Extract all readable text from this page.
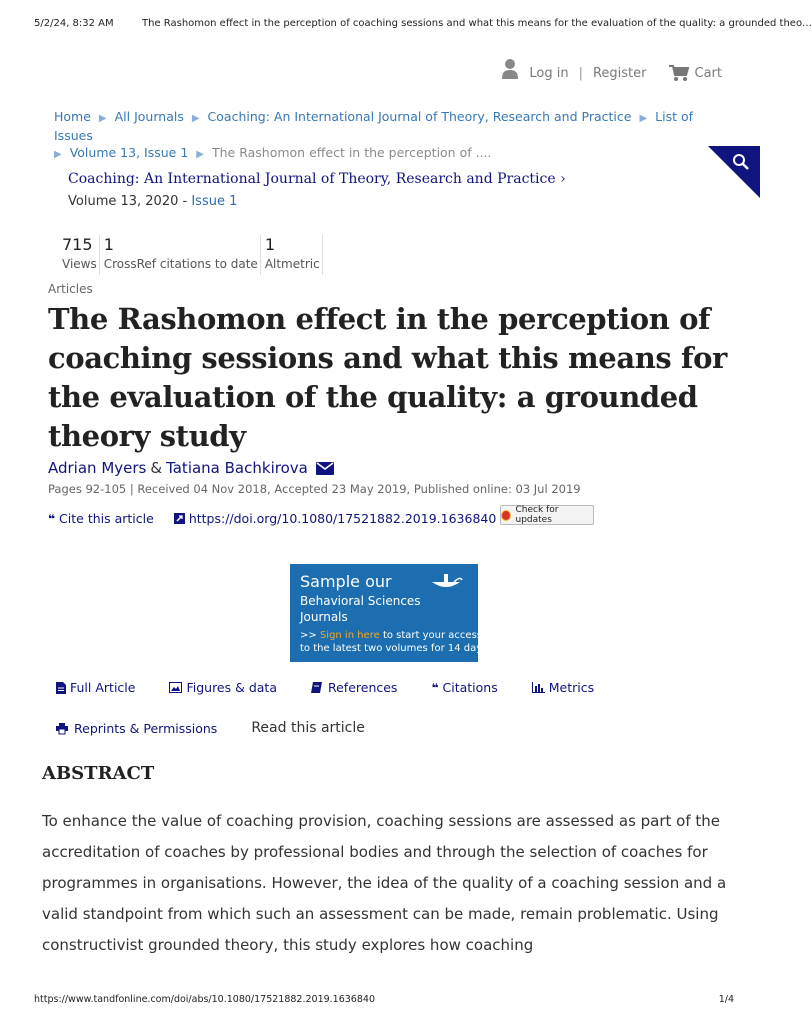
5/2/24, 8:32 AM	The Rashomon effect in the perception of coaching sessions and what this means for the evaluation of the quality: a grounded theo…
Log in | Register	Cart
Home ▶ All Journals ▶ Coaching: An International Journal of Theory, Research and Practice ▶ List of Issues
▶ Volume 13, Issue 1 ▶ The Rashomon effect in the perception of ....
Coaching: An International Journal of Theory, Research and Practice ›
Volume 13, 2020 - Issue 1
715
Views
1
CrossRef citations to date
1
Altmetric
Articles
The Rashomon effect in the perception of coaching sessions and what this means for the evaluation of the quality: a grounded theory study
Adrian Myers & Tatiana Bachkirova
Pages 92-105 | Received 04 Nov 2018, Accepted 23 May 2019, Published online: 03 Jul 2019
❝ Cite this article	https://doi.org/10.1080/17521882.2019.1636840
Check for updates
Sample our
Behavioral Sciences
Journals
>> Sign in here to start your access
to the latest two volumes for 14 days
Full Article	Figures & data	References	❝ Citations	Metrics
Reprints & Permissions Read this article
ABSTRACT

To enhance the value of coaching provision, coaching sessions are assessed as part of the accreditation of coaches by professional bodies and through the selection of coaches for programmes in organisations. However, the idea of the quality of a coaching session and a valid standpoint from which such an assessment can be made, remain problematic. Using constructivist grounded theory, this study explores how coaching

https://www.tandfonline.com/doi/abs/10.1080/17521882.2019.1636840	1/4
